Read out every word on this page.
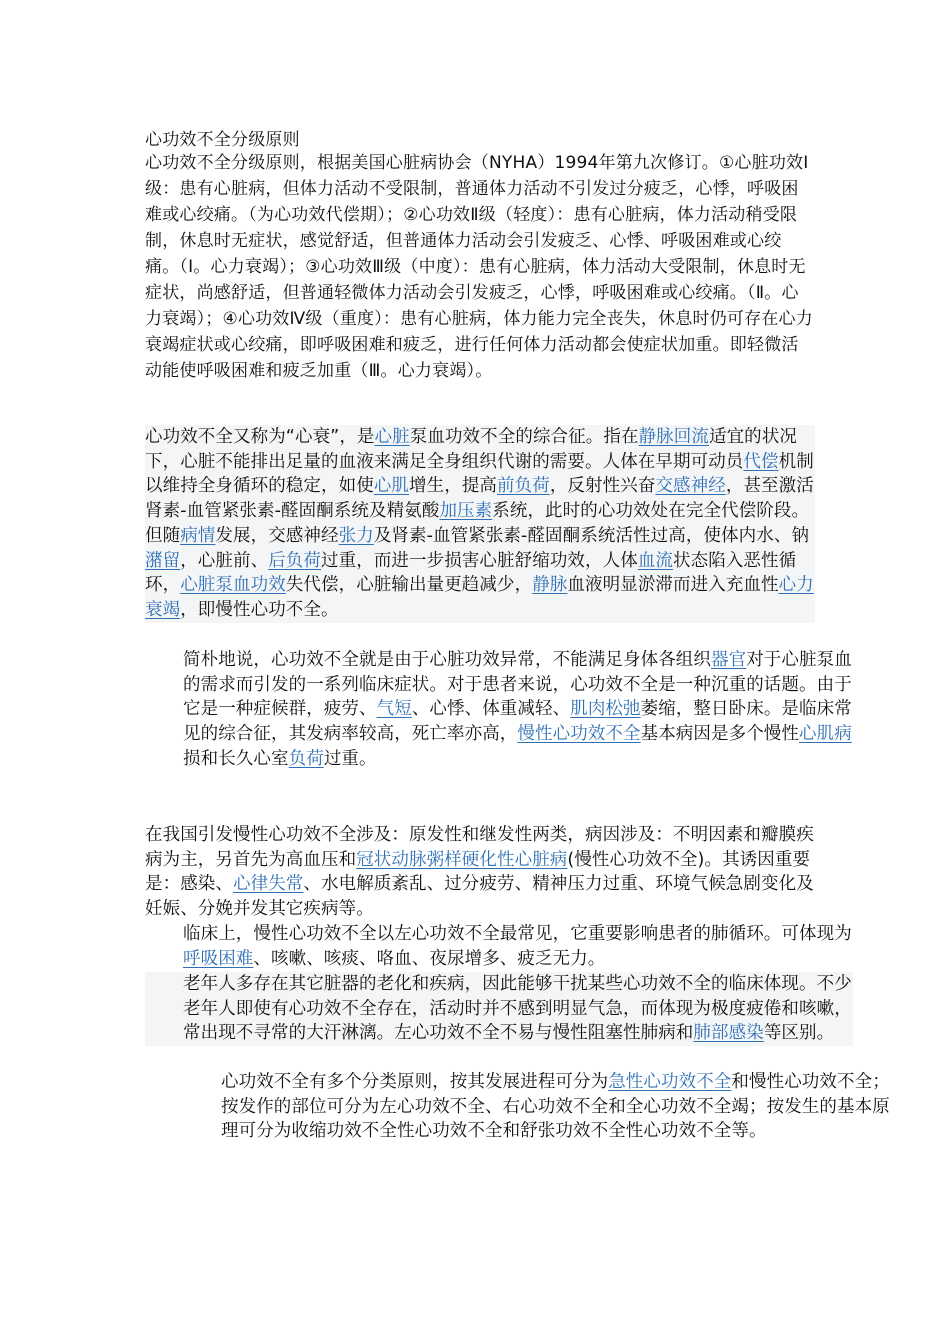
心功效不全分级原则

心功效不全分级原则，根据美国心脏病协会（NYHA）1994年第九次修订。①心脏功效Ⅰ级：患有心脏病，但体力活动不受限制，普通体力活动不引发过分疲乏，心悸，呼吸困难或心绞痛。（为心功效代偿期）；②心功效Ⅱ级（轻度）：患有心脏病，体力活动稍受限制，休息时无症状，感觉舒适，但普通体力活动会引发疲乏、心悸、呼吸困难或心绞痛。（Ⅰ。心力衰竭）；③心功效Ⅲ级（中度）：患有心脏病，体力活动大受限制，休息时无症状，尚感舒适，但普通轻微体力活动会引发疲乏，心悸，呼吸困难或心绞痛。（Ⅱ。心力衰竭）；④心功效Ⅳ级（重度）：患有心脏病，体力能力完全丧失，休息时仍可存在心力衰竭症状或心绞痛，即呼吸困难和疲乏，进行任何体力活动都会使症状加重。即轻微活动能使呼吸困难和疲乏加重（Ⅲ。心力衰竭）。

心功效不全又称为“心衰”，是心脏泵血功效不全的综合征。指在静脉回流适宜的状况下，心脏不能排出足量的血液来满足全身组织代谢的需要。人体在早期可动员代偿机制以维持全身循环的稳定，如使心肌增生，提高前负荷，反射性兴奋交感神经，甚至激活肾素-血管紧张素-醛固酮系统及精氨酸加压素系统，此时的心功效处在完全代偿阶段。但随病情发展，交感神经张力及肾素-血管紧张素-醛固酮系统活性过高，使体内水、钠潴留，心脏前、后负荷过重，而进一步损害心脏舒缩功效，人体血流状态陷入恶性循环，心脏泵血功效失代偿，心脏输出量更趋减少，静脉血液明显淤滞而进入充血性心力衰竭，即慢性心功不全。

简朴地说，心功效不全就是由于心脏功效异常，不能满足身体各组织器官对于心脏泵血的需求而引发的一系列临床症状。对于患者来说，心功效不全是一种沉重的话题。由于它是一种症候群，疲劳、气短、心悸、体重减轻、肌肉松弛萎缩，整日卧床。是临床常见的综合征，其发病率较高，死亡率亦高，慢性心功效不全基本病因是多个慢性心肌病损和长久心室负荷过重。

在我国引发慢性心功效不全涉及：原发性和继发性两类，病因涉及：不明因素和瓣膜疾病为主，另首先为高血压和冠状动脉粥样硬化性心脏病(慢性心功效不全)。其诱因重要是：感染、心律失常、水电解质紊乱、过分疲劳、精神压力过重、环境气候急剧变化及妊娠、分娩并发其它疾病等。

临床上，慢性心功效不全以左心功效不全最常见，它重要影响患者的肺循环。可体现为呼吸困难、咳嗽、咳痰、咯血、夜尿增多、疲乏无力。

老年人多存在其它脏器的老化和疾病，因此能够干扰某些心功效不全的临床体现。不少老年人即使有心功效不全存在，活动时并不感到明显气急，而体现为极度疲倦和咳嗽，常出现不寻常的大汗淋漓。左心功效不全不易与慢性阻塞性肺病和肺部感染等区别。

心功效不全有多个分类原则，按其发展进程可分为急性心功效不全和慢性心功效不全；按发作的部位可分为左心功效不全、右心功效不全和全心功效不全竭；按发生的基本原理可分为收缩功效不全性心功效不全和舒张功效不全性心功效不全等。
